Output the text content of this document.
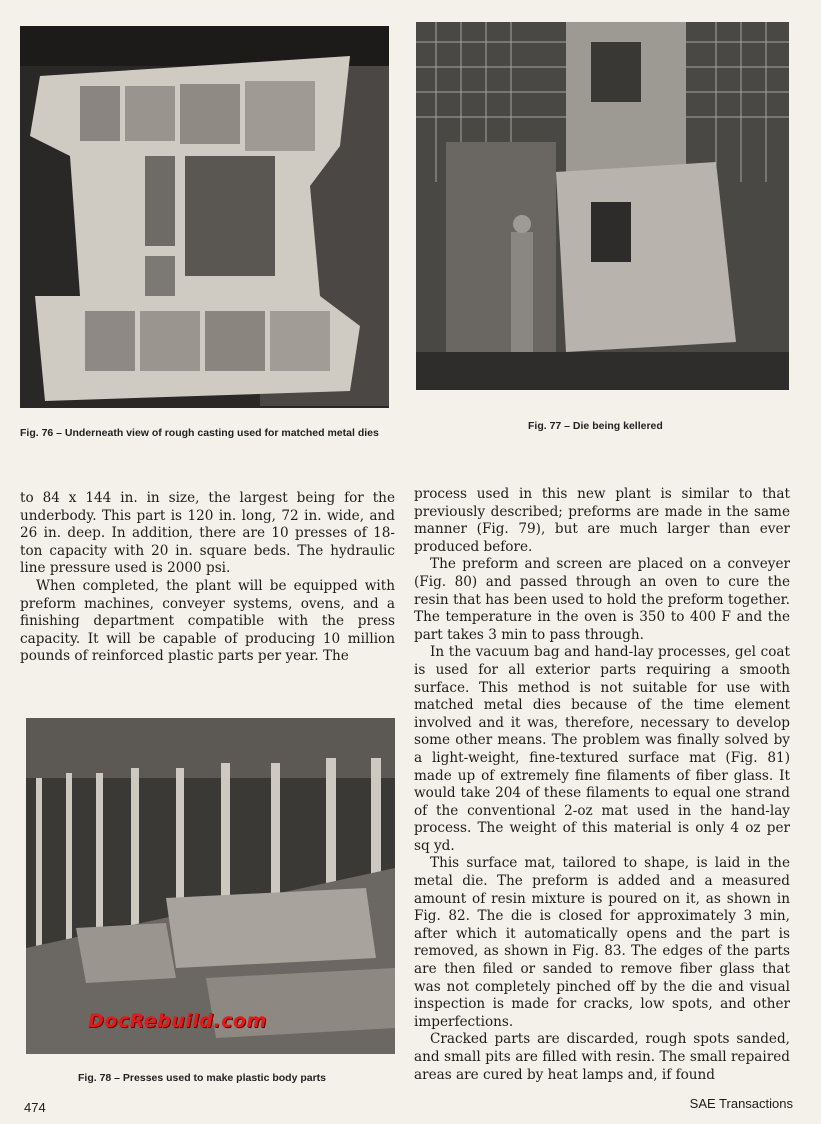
Fig. 76 – Underneath view of rough casting used for matched metal dies
Fig. 77 – Die being kellered

to 84 x 144 in. in size, the largest being for the underbody. This part is 120 in. long, 72 in. wide, and 26 in. deep. In addition, there are 10 presses of 18-ton capacity with 20 in. square beds. The hydraulic line pressure used is 2000 psi.

When completed, the plant will be equipped with preform machines, conveyer systems, ovens, and a finishing department compatible with the press capacity. It will be capable of producing 10 million pounds of reinforced plastic parts per year. The

process used in this new plant is similar to that previously described; preforms are made in the same manner (Fig. 79), but are much larger than ever produced before.

The preform and screen are placed on a conveyer (Fig. 80) and passed through an oven to cure the resin that has been used to hold the preform together. The temperature in the oven is 350 to 400 F and the part takes 3 min to pass through.

In the vacuum bag and hand-lay processes, gel coat is used for all exterior parts requiring a smooth surface. This method is not suitable for use with matched metal dies because of the time element involved and it was, therefore, necessary to develop some other means. The problem was finally solved by a light-weight, fine-textured surface mat (Fig. 81) made up of extremely fine filaments of fiber glass. It would take 204 of these filaments to equal one strand of the conventional 2-oz mat used in the hand-lay process. The weight of this material is only 4 oz per sq yd.

This surface mat, tailored to shape, is laid in the metal die. The preform is added and a measured amount of resin mixture is poured on it, as shown in Fig. 82. The die is closed for approximately 3 min, after which it automatically opens and the part is removed, as shown in Fig. 83. The edges of the parts are then filed or sanded to remove fiber glass that was not completely pinched off by the die and visual inspection is made for cracks, low spots, and other imperfections.

Cracked parts are discarded, rough spots sanded, and small pits are filled with resin. The small repaired areas are cured by heat lamps and, if found

DocRebuild.com
Fig. 78 – Presses used to make plastic body parts
474	SAE Transactions
